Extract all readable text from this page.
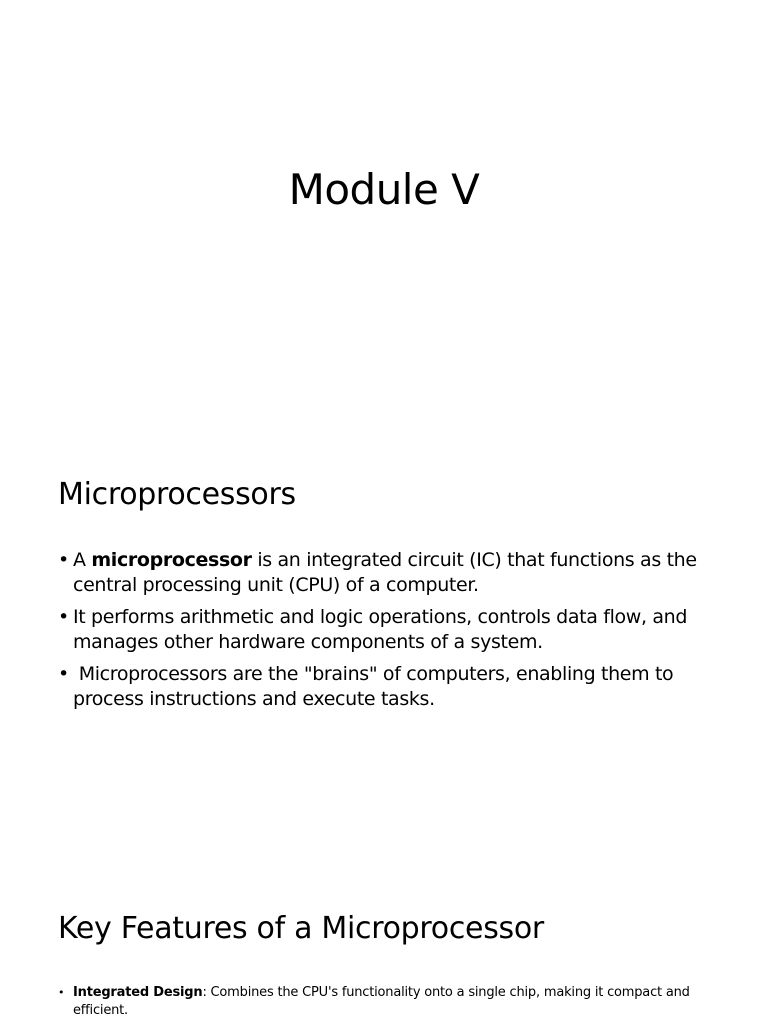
Module V
Microprocessors
• A microprocessor is an integrated circuit (IC) that functions as the central processing unit (CPU) of a computer.
• It performs arithmetic and logic operations, controls data flow, and manages other hardware components of a system.
• Microprocessors are the "brains" of computers, enabling them to process instructions and execute tasks.
Key Features of a Microprocessor
• Integrated Design: Combines the CPU's functionality onto a single chip, making it compact and efficient.
